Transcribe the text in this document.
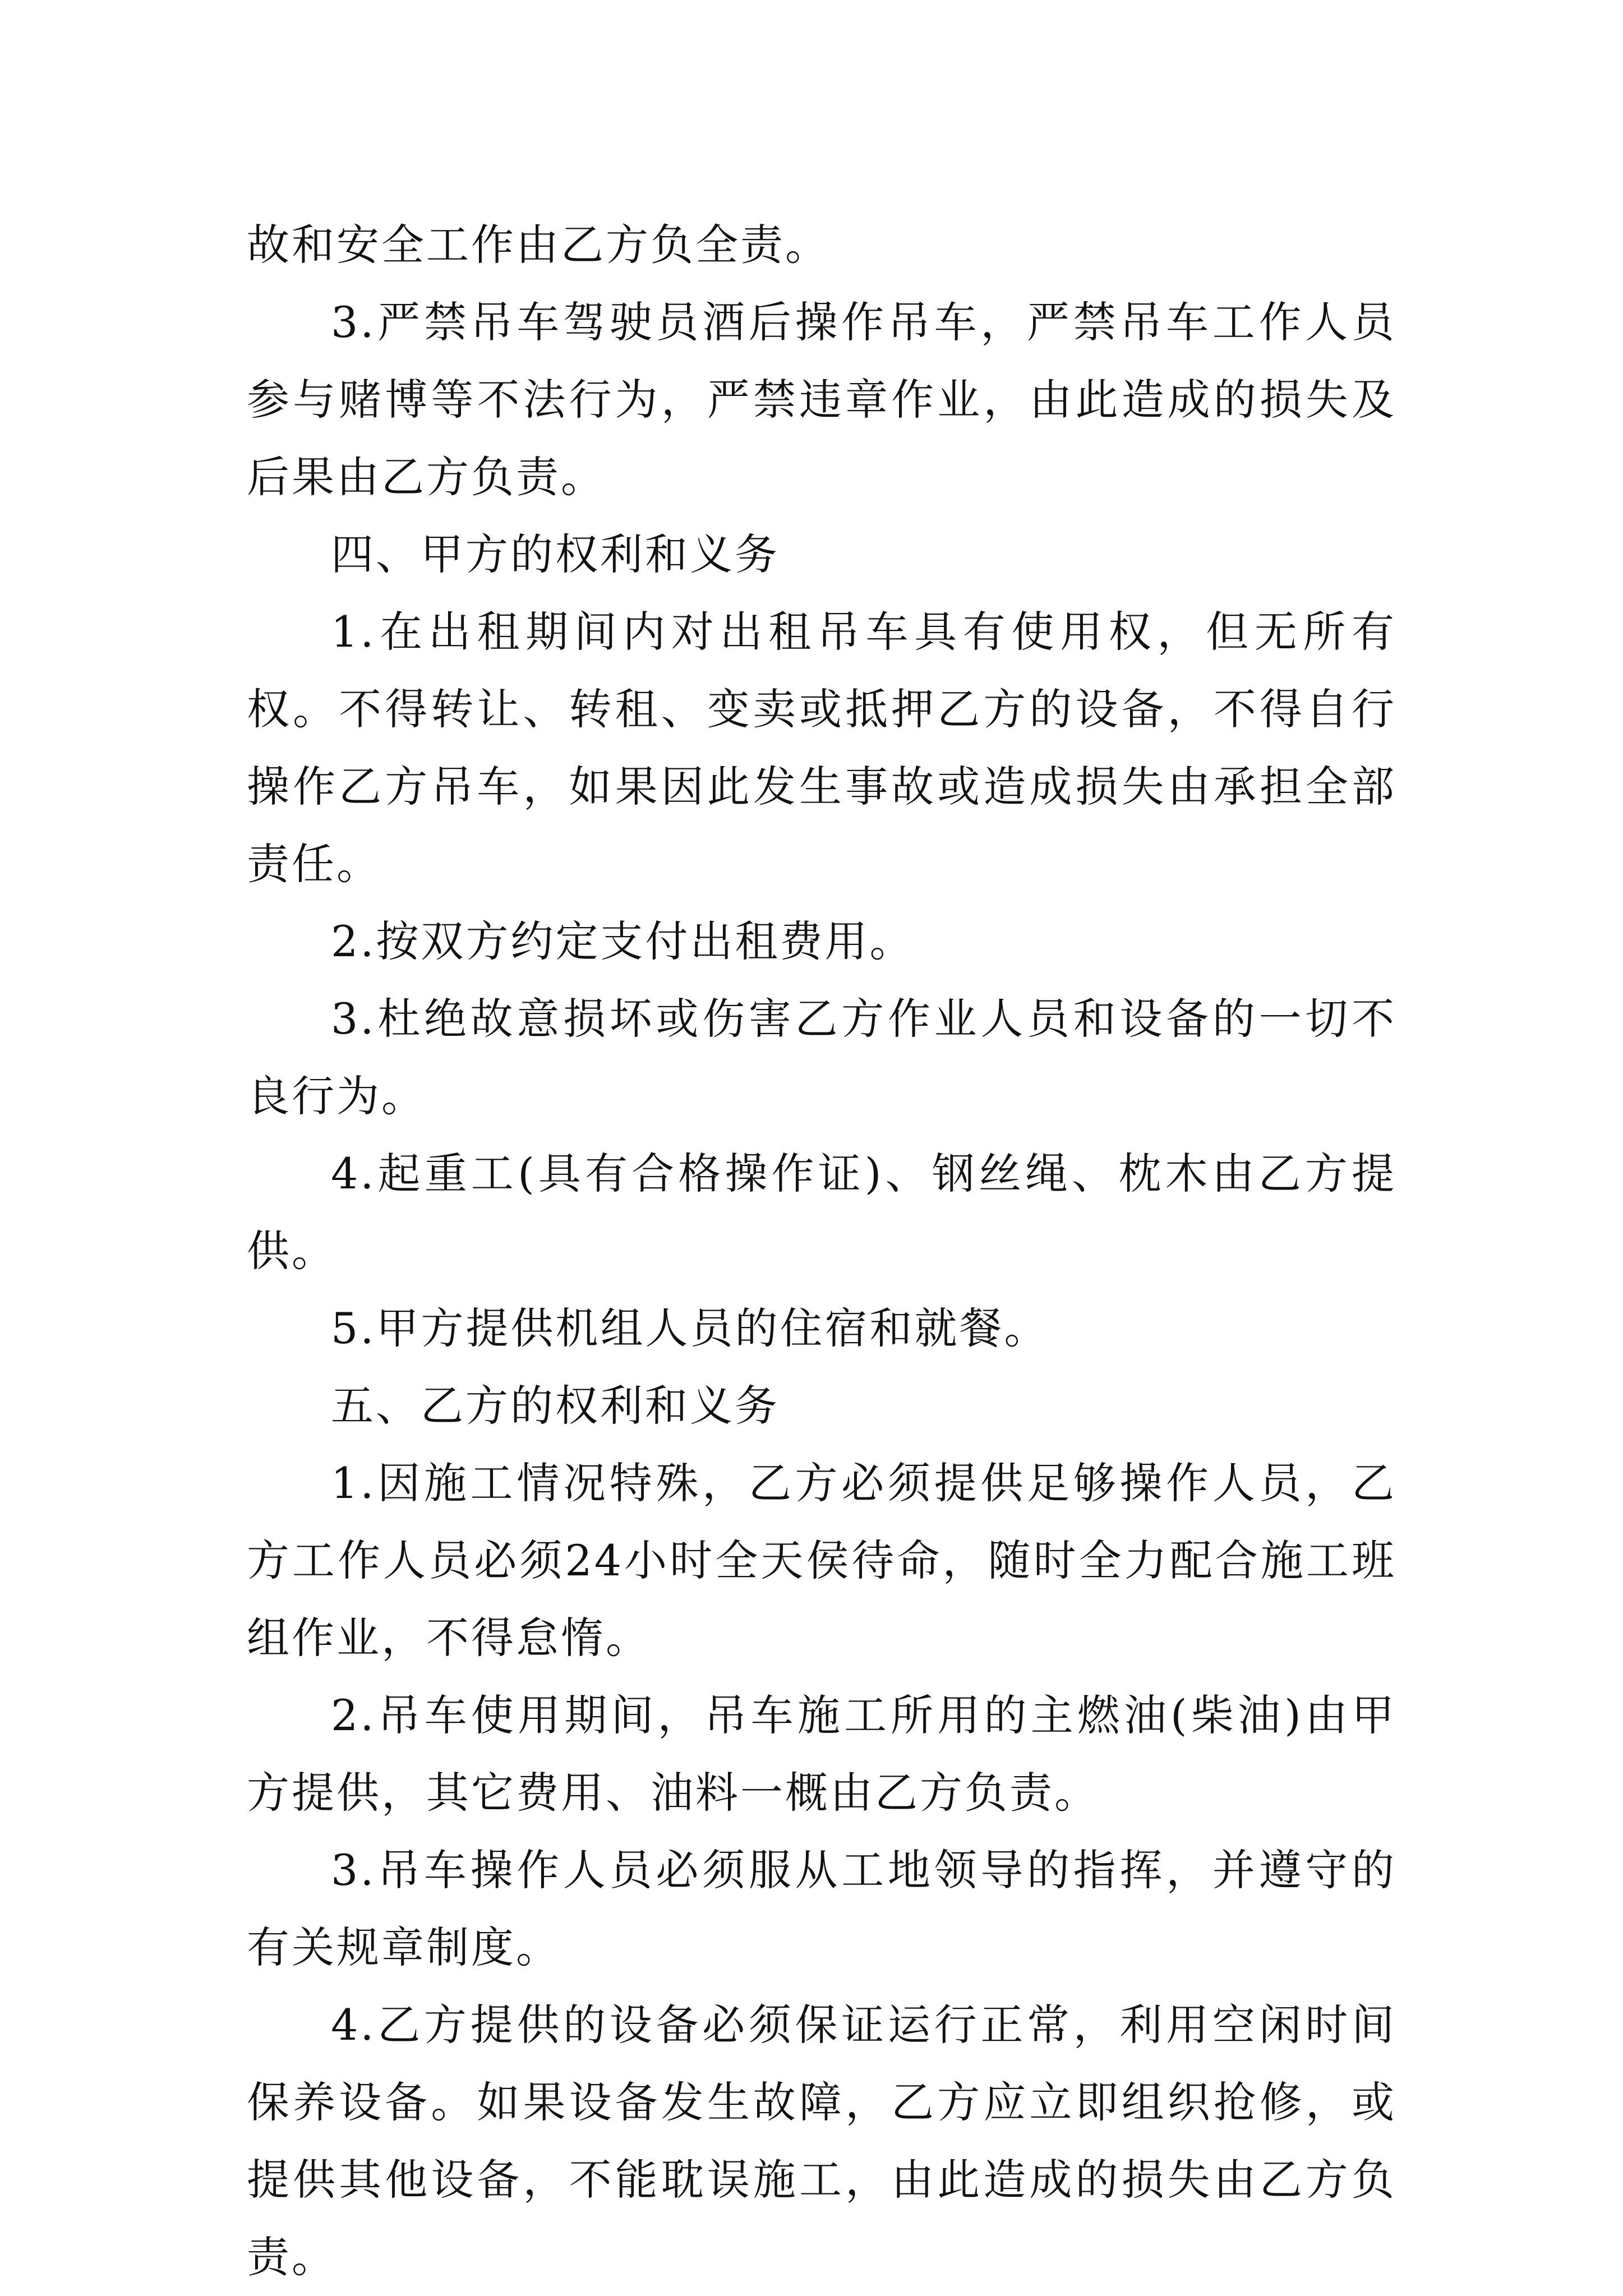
故和安全工作由乙方负全责。

3.严禁吊车驾驶员酒后操作吊车，严禁吊车工作人员参与赌博等不法行为，严禁违章作业，由此造成的损失及后果由乙方负责。

四、甲方的权利和义务

1.在出租期间内对出租吊车具有使用权，但无所有权。不得转让、转租、变卖或抵押乙方的设备，不得自行操作乙方吊车，如果因此发生事故或造成损失由承担全部责任。

2.按双方约定支付出租费用。

3.杜绝故意损坏或伤害乙方作业人员和设备的一切不良行为。

4.起重工(具有合格操作证)、钢丝绳、枕木由乙方提供。

5.甲方提供机组人员的住宿和就餐。

五、乙方的权利和义务

1.因施工情况特殊，乙方必须提供足够操作人员，乙方工作人员必须24小时全天侯待命，随时全力配合施工班组作业，不得怠惰。

2.吊车使用期间，吊车施工所用的主燃油(柴油)由甲方提供，其它费用、油料一概由乙方负责。

3.吊车操作人员必须服从工地领导的指挥，并遵守的有关规章制度。

4.乙方提供的设备必须保证运行正常，利用空闲时间保养设备。如果设备发生故障，乙方应立即组织抢修，或提供其他设备，不能耽误施工，由此造成的损失由乙方负责。
